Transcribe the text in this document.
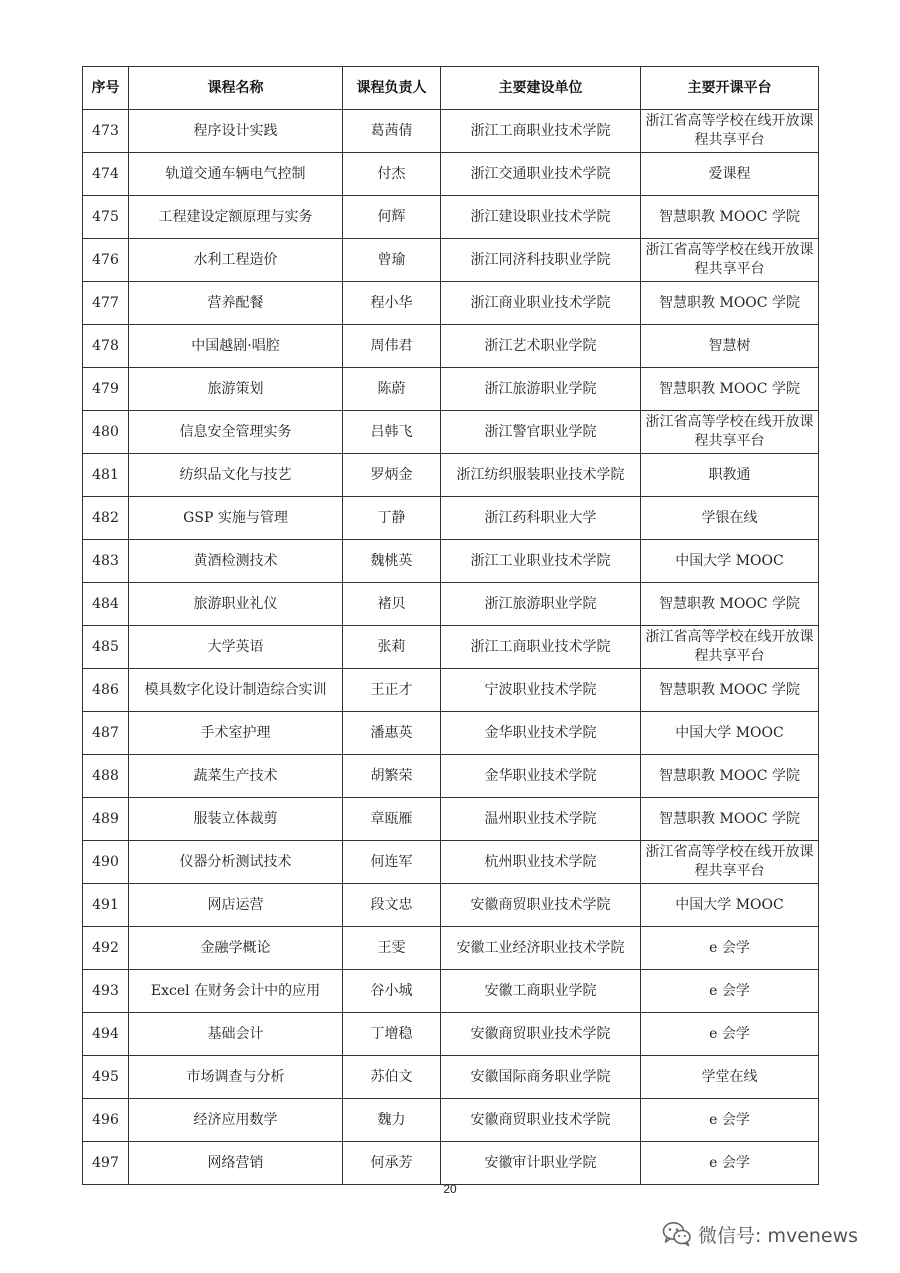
序号	课程名称	课程负责人	主要建设单位	主要开课平台
473	程序设计实践	葛茜倩	浙江工商职业技术学院	浙江省高等学校在线开放课程共享平台
474	轨道交通车辆电气控制	付杰	浙江交通职业技术学院	爱课程
475	工程建设定额原理与实务	何辉	浙江建设职业技术学院	智慧职教 MOOC 学院
476	水利工程造价	曾瑜	浙江同济科技职业学院	浙江省高等学校在线开放课程共享平台
477	营养配餐	程小华	浙江商业职业技术学院	智慧职教 MOOC 学院
478	中国越剧·唱腔	周伟君	浙江艺术职业学院	智慧树
479	旅游策划	陈蔚	浙江旅游职业学院	智慧职教 MOOC 学院
480	信息安全管理实务	吕韩飞	浙江警官职业学院	浙江省高等学校在线开放课程共享平台
481	纺织品文化与技艺	罗炳金	浙江纺织服装职业技术学院	职教通
482	GSP 实施与管理	丁静	浙江药科职业大学	学银在线
483	黄酒检测技术	魏桃英	浙江工业职业技术学院	中国大学 MOOC
484	旅游职业礼仪	褚贝	浙江旅游职业学院	智慧职教 MOOC 学院
485	大学英语	张莉	浙江工商职业技术学院	浙江省高等学校在线开放课程共享平台
486	模具数字化设计制造综合实训	王正才	宁波职业技术学院	智慧职教 MOOC 学院
487	手术室护理	潘惠英	金华职业技术学院	中国大学 MOOC
488	蔬菜生产技术	胡繁荣	金华职业技术学院	智慧职教 MOOC 学院
489	服装立体裁剪	章瓯雁	温州职业技术学院	智慧职教 MOOC 学院
490	仪器分析测试技术	何连军	杭州职业技术学院	浙江省高等学校在线开放课程共享平台
491	网店运营	段文忠	安徽商贸职业技术学院	中国大学 MOOC
492	金融学概论	王雯	安徽工业经济职业技术学院	e 会学
493	Excel 在财务会计中的应用	谷小城	安徽工商职业学院	e 会学
494	基础会计	丁增稳	安徽商贸职业技术学院	e 会学
495	市场调查与分析	苏伯文	安徽国际商务职业学院	学堂在线
496	经济应用数学	魏力	安徽商贸职业技术学院	e 会学
497	网络营销	何承芳	安徽审计职业学院	e 会学
20
微信号: mvenews
